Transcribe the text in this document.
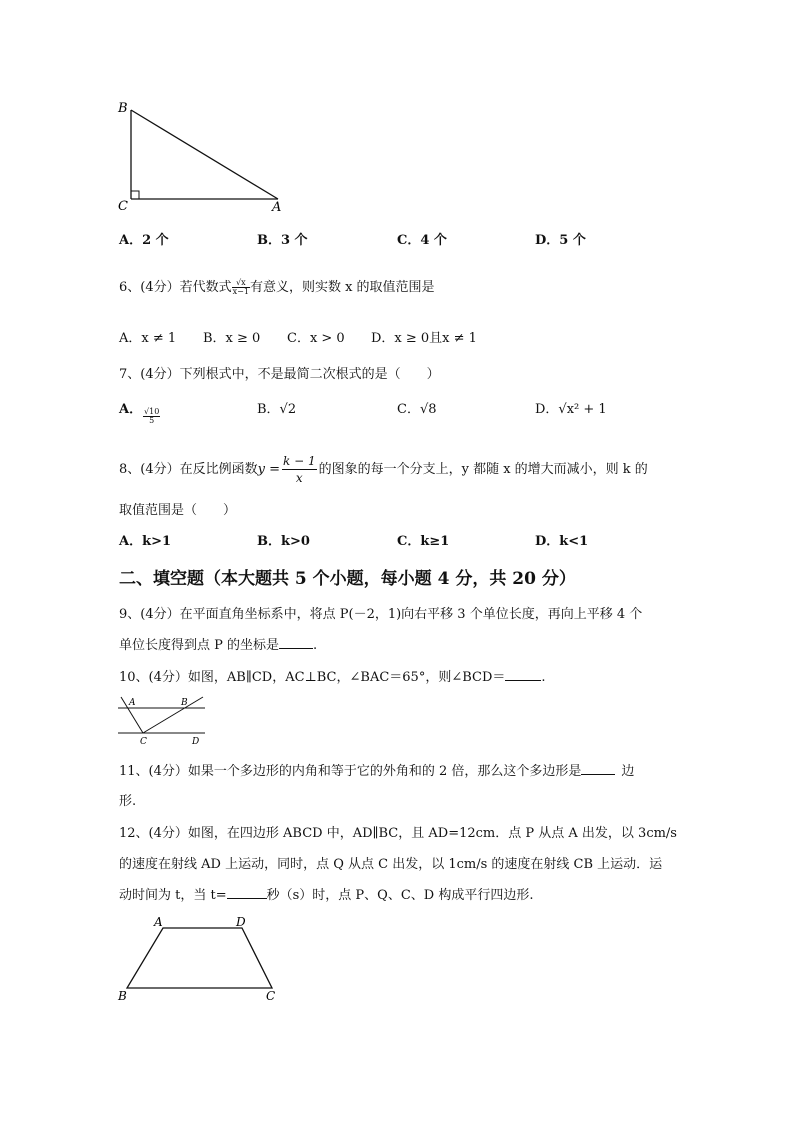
B
C	A
A．2 个	B．3 个	C．4 个	D．5 个
6、(4分）若代数式 $\frac{√x}{x-1}$ 有意义，则实数 x 的取值范围是
A．x ≠ 1 B．x ≥ 0 C．x > 0 D．x ≥ 0且x ≠ 1
7、(4分）下列根式中，不是最简二次根式的是（　　）
A． $\frac{√10}{5}$	B．√2	C．√8	D．√x² + 1
8、(4分）在反比例函数$y = \frac{k - 1}{x}$ 的图象的每一个分支上，y 都随 x 的增大而减小，则 k 的
取值范围是（　　）
A．k>1	B．k>0	C．k≥1	D．k<1
二、填空题（本大题共 5 个小题，每小题 4 分，共 20 分）
9、(4分）在平面直角坐标系中，将点 P(－2，1)向右平移 3 个单位长度，再向上平移 4 个
单位长度得到点 P 的坐标是	.
10、(4分）如图，AB∥CD，AC⊥BC，∠BAC＝65°，则∠BCD＝	.
A	B
C	D
11、(4分）如果一个多边形的内角和等于它的外角和的 2 倍，那么这个多边形是	边
形.
12、(4分）如图，在四边形 ABCD 中，AD∥BC，且 AD=12cm．点 P 从点 A 出发，以 3cm/s
的速度在射线 AD 上运动，同时，点 Q 从点 C 出发，以 1cm/s 的速度在射线 CB 上运动．运
动时间为 t，当 t=	秒（s）时，点 P、Q、C、D 构成平行四边形.
A	D
B	C
